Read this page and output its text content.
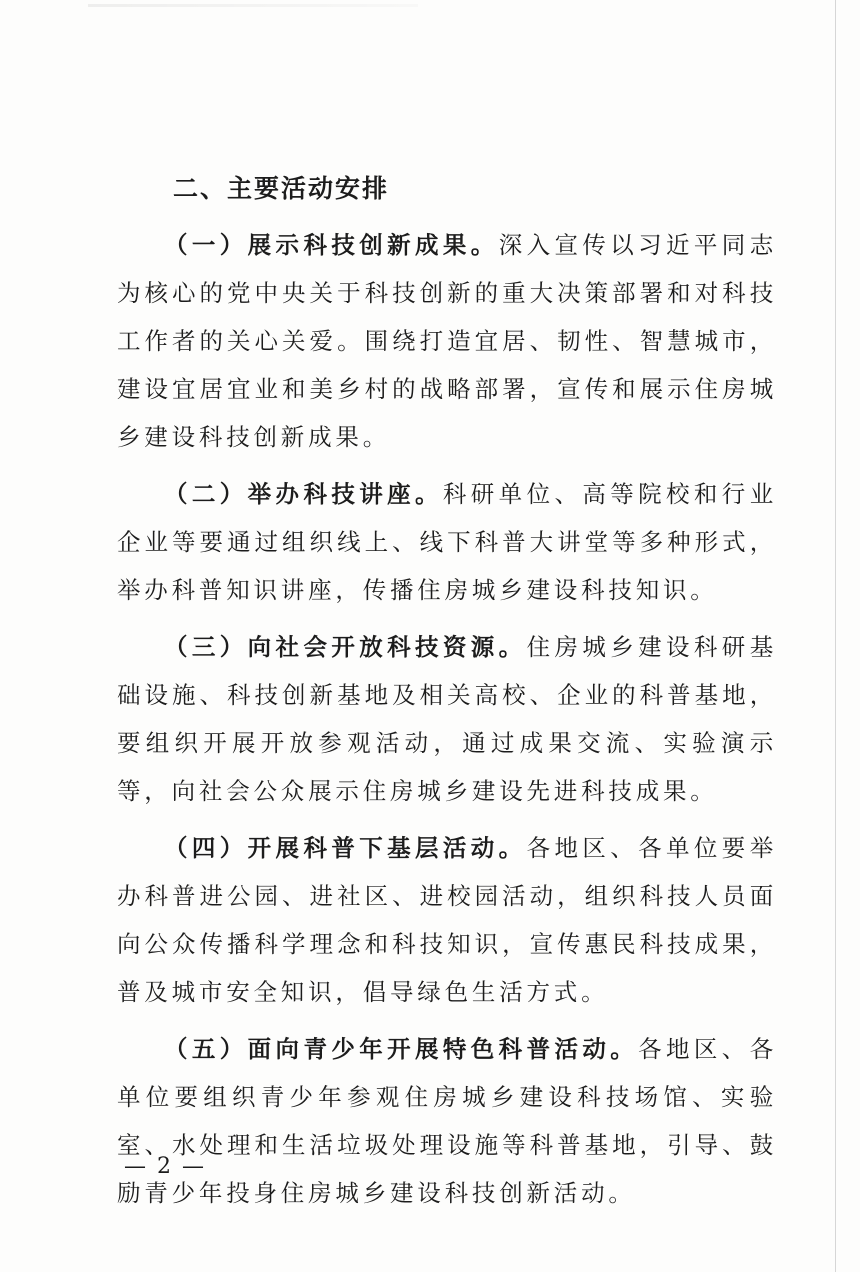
二、主要活动安排

（一）展示科技创新成果。深入宣传以习近平同志为核心的党中央关于科技创新的重大决策部署和对科技工作者的关心关爱。围绕打造宜居、韧性、智慧城市，建设宜居宜业和美乡村的战略部署，宣传和展示住房城乡建设科技创新成果。

（二）举办科技讲座。科研单位、高等院校和行业企业等要通过组织线上、线下科普大讲堂等多种形式，举办科普知识讲座，传播住房城乡建设科技知识。

（三）向社会开放科技资源。住房城乡建设科研基础设施、科技创新基地及相关高校、企业的科普基地，要组织开展开放参观活动，通过成果交流、实验演示等，向社会公众展示住房城乡建设先进科技成果。

（四）开展科普下基层活动。各地区、各单位要举办科普进公园、进社区、进校园活动，组织科技人员面向公众传播科学理念和科技知识，宣传惠民科技成果，普及城市安全知识，倡导绿色生活方式。

（五）面向青少年开展特色科普活动。各地区、各单位要组织青少年参观住房城乡建设科技场馆、实验室、水处理和生活垃圾处理设施等科普基地，引导、鼓励青少年投身住房城乡建设科技创新活动。

— 2 —
